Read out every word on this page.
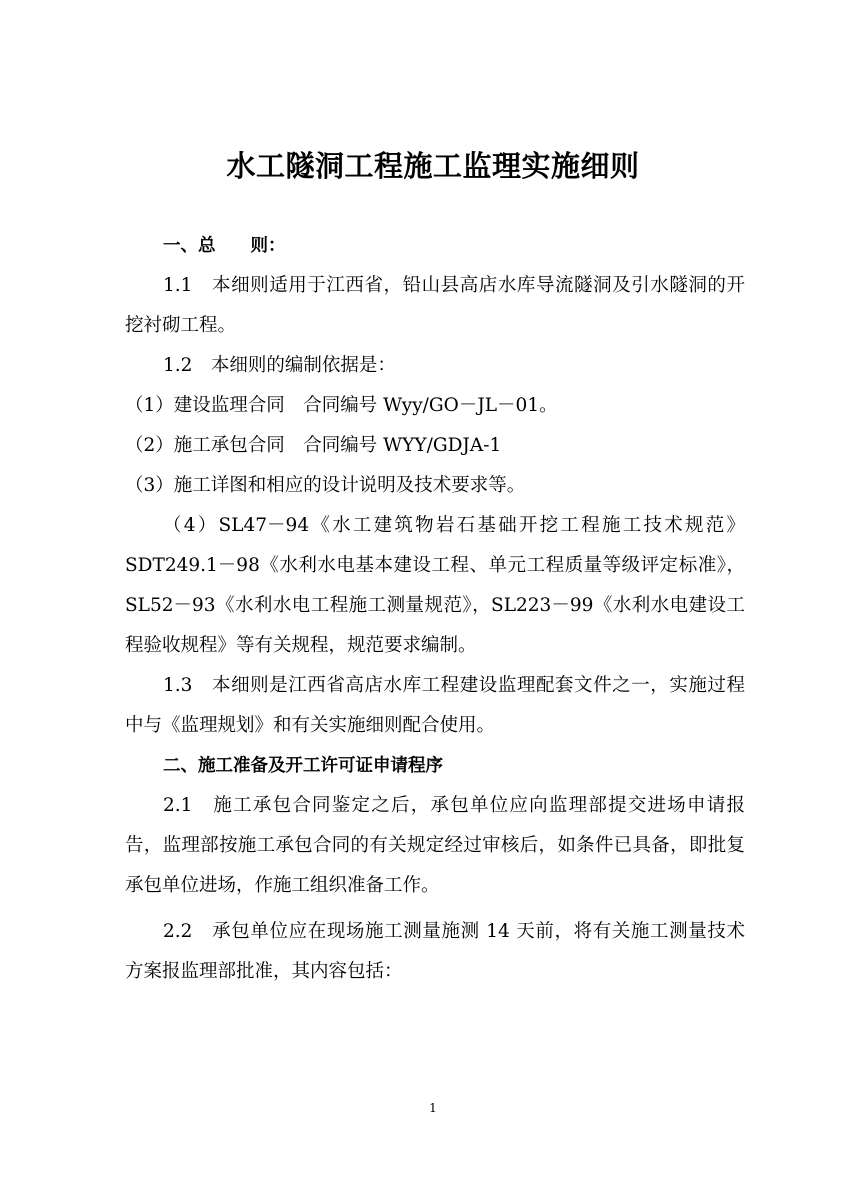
水工隧洞工程施工监理实施细则

一、总　　则：

1.1　本细则适用于江西省，铅山县高店水库导流隧洞及引水隧洞的开挖衬砌工程。

1.2　本细则的编制依据是：

（1）建设监理合同　合同编号 Wyy/GO－JL－01。

（2）施工承包合同　合同编号 WYY/GDJA-1

（3）施工详图和相应的设计说明及技术要求等。

（4）SL47－94《水工建筑物岩石基础开挖工程施工技术规范》SDT249.1－98《水利水电基本建设工程、单元工程质量等级评定标准》，SL52－93《水利水电工程施工测量规范》，SL223－99《水利水电建设工程验收规程》等有关规程，规范要求编制。

1.3　本细则是江西省高店水库工程建设监理配套文件之一，实施过程中与《监理规划》和有关实施细则配合使用。

二、施工准备及开工许可证申请程序

2.1　施工承包合同鉴定之后，承包单位应向监理部提交进场申请报告，监理部按施工承包合同的有关规定经过审核后，如条件已具备，即批复承包单位进场，作施工组织准备工作。

2.2　承包单位应在现场施工测量施测 14 天前，将有关施工测量技术方案报监理部批准，其内容包括：

1
